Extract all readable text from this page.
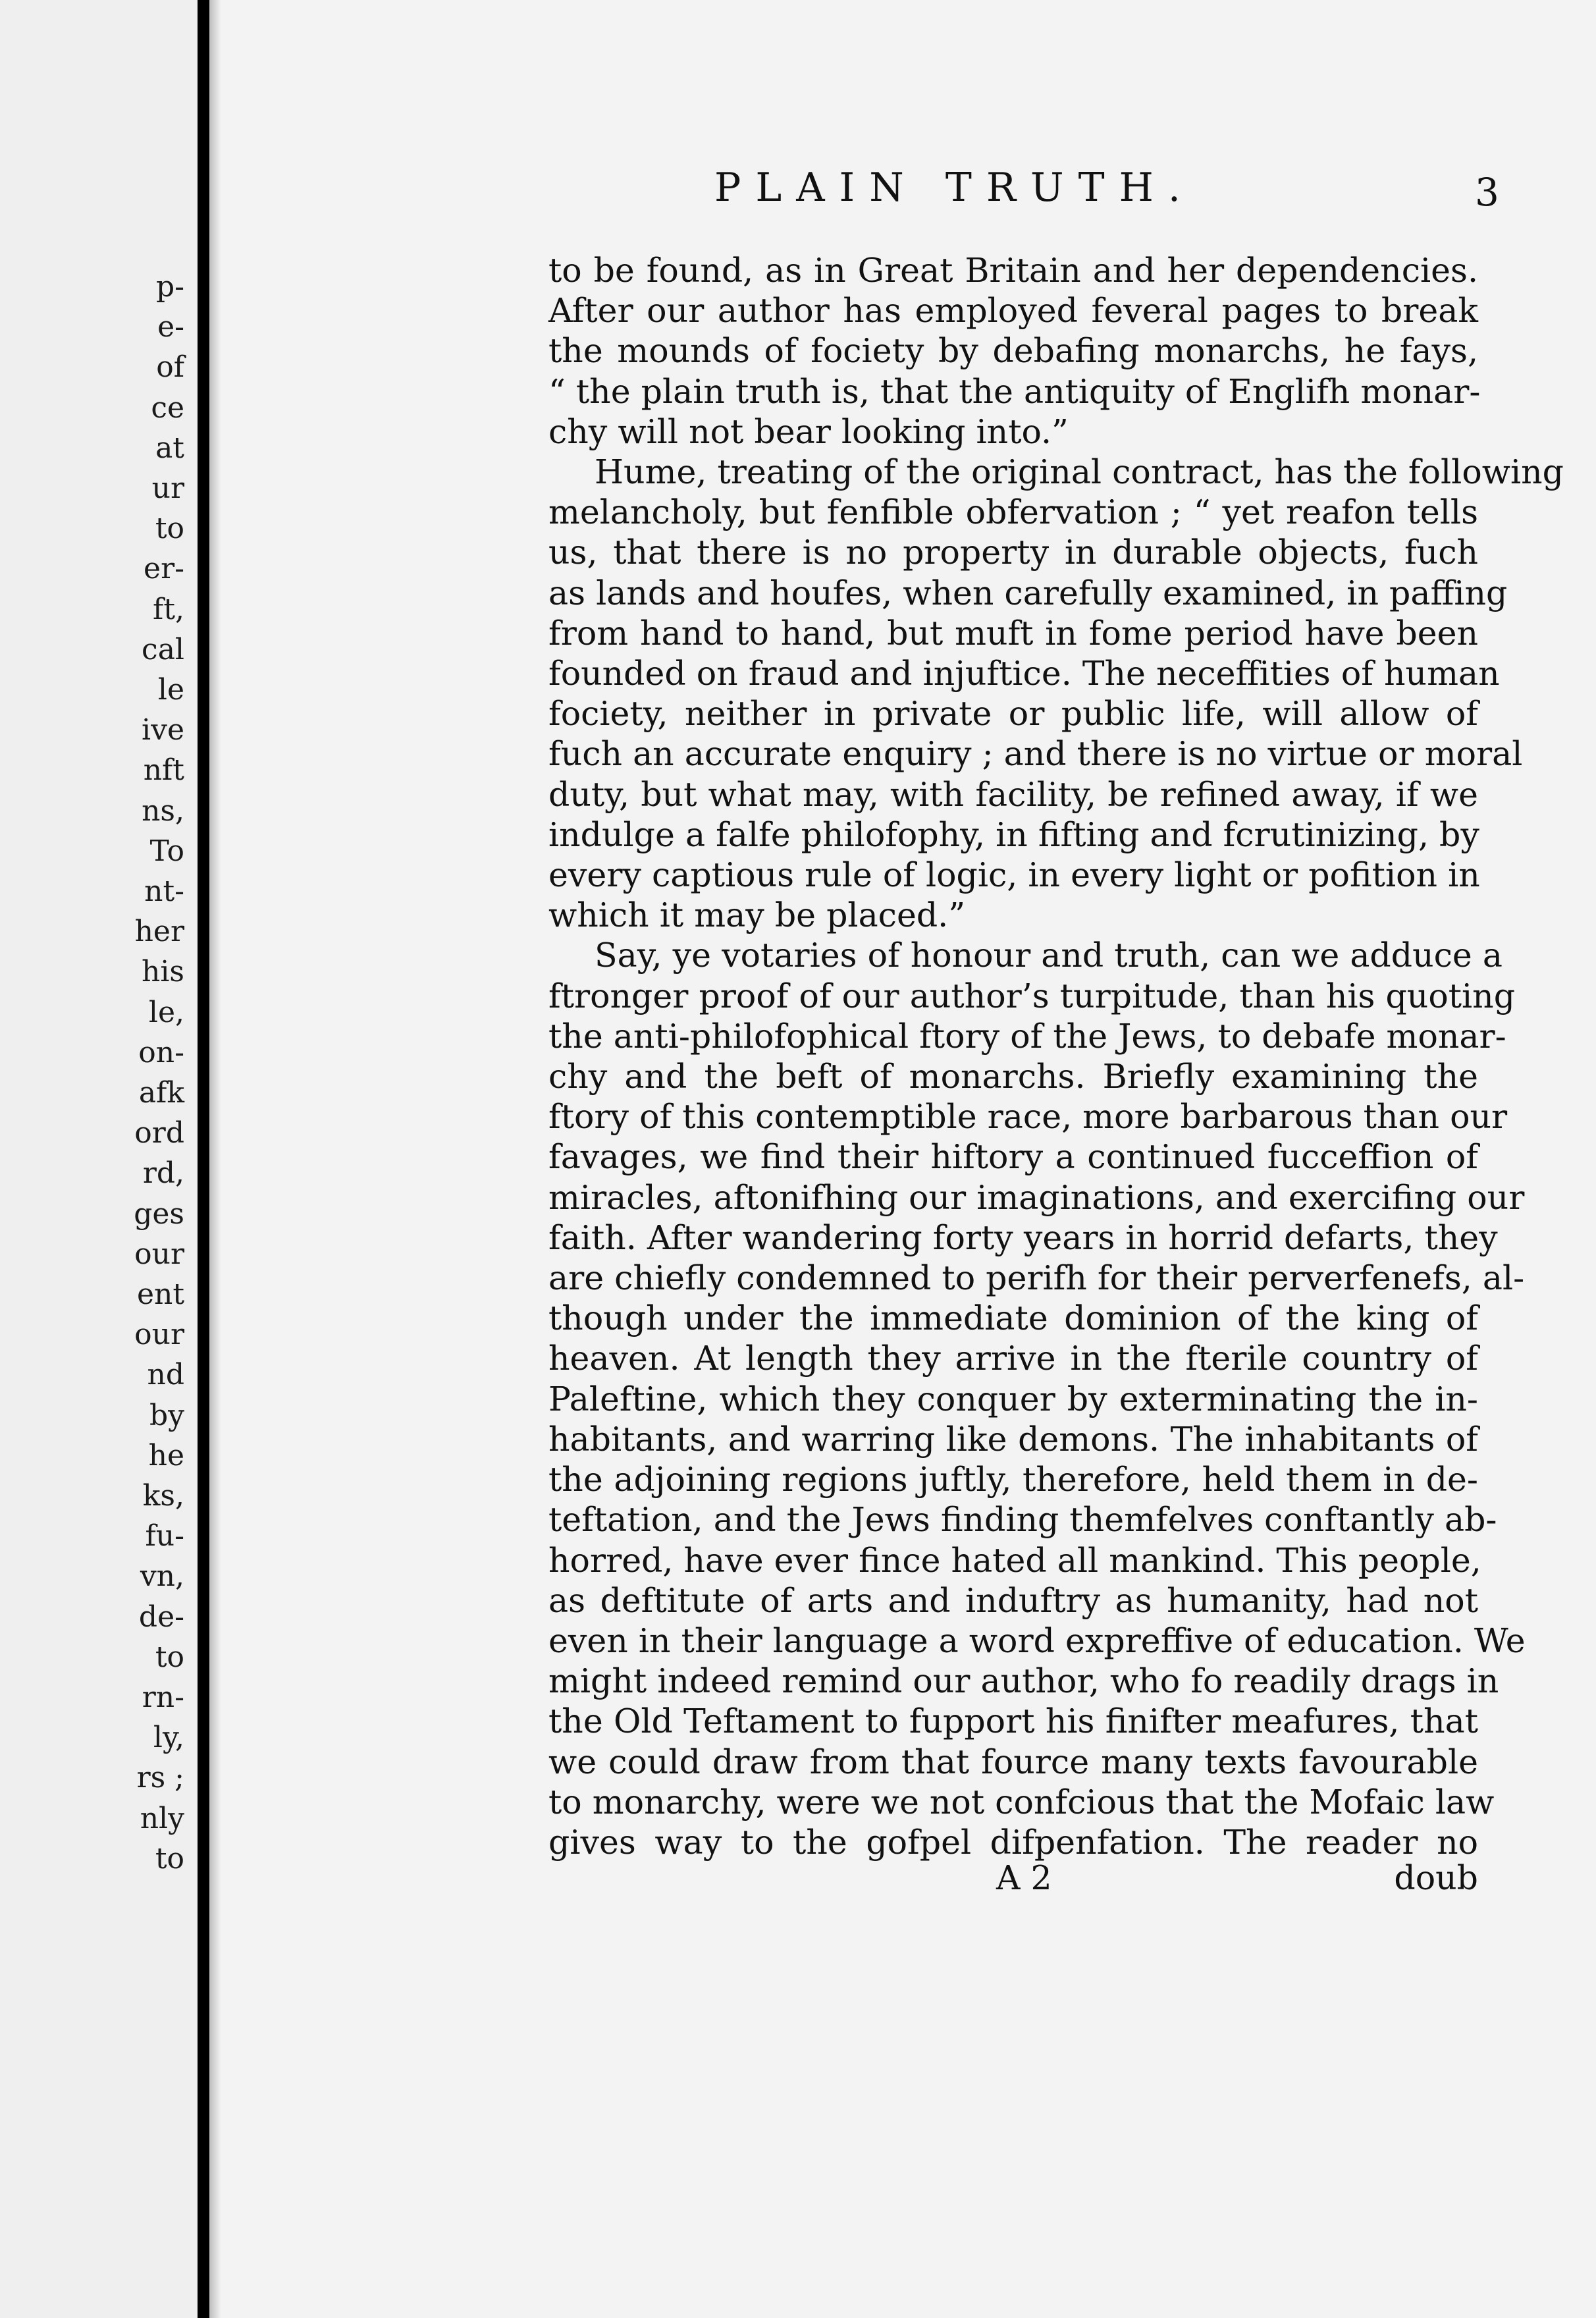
p-
e-
of
ce
at
ur
to
er-
ft,
cal
le
ive
nft
ns,
To
nt-
her
his
le,
on-
afk
ord
rd,
ges
our
ent
our
nd
by
he
ks,
fu-
vn,
de-
to
rn-
ly,
rs ;
nly
to
PLAIN TRUTH.	3
to be found, as in Great Britain and her dependencies.
After our author has employed feveral pages to break
the mounds of fociety by debafing monarchs, he fays,
“ the plain truth is, that the antiquity of Englifh monar-
chy will not bear looking into.”
Hume, treating of the original contract, has the following
melancholy, but fenfible obfervation ; “ yet reafon tells
us, that there is no property in durable objects, fuch
as lands and houfes, when carefully examined, in paffing
from hand to hand, but muft in fome period have been
founded on fraud and injuftice. The neceffities of human
fociety, neither in private or public life, will allow of
fuch an accurate enquiry ; and there is no virtue or moral
duty, but what may, with facility, be refined away, if we
indulge a falfe philofophy, in fifting and fcrutinizing, by
every captious rule of logic, in every light or pofition in
which it may be placed.”
Say, ye votaries of honour and truth, can we adduce a
ftronger proof of our author’s turpitude, than his quoting
the anti-philofophical ftory of the Jews, to debafe monar-
chy and the beft of monarchs. Briefly examining the
ftory of this contemptible race, more barbarous than our
favages, we find their hiftory a continued fucceffion of
miracles, aftonifhing our imaginations, and exercifing our
faith. After wandering forty years in horrid defarts, they
are chiefly condemned to perifh for their perverfenefs, al-
though under the immediate dominion of the king of
heaven. At length they arrive in the fterile country of
Paleftine, which they conquer by exterminating the in-
habitants, and warring like demons. The inhabitants of
the adjoining regions juftly, therefore, held them in de-
teftation, and the Jews finding themfelves conftantly ab-
horred, have ever fince hated all mankind. This people,
as deftitute of arts and induftry as humanity, had not
even in their language a word expreffive of education. We
might indeed remind our author, who fo readily drags in
the Old Teftament to fupport his finifter meafures, that
we could draw from that fource many texts favourable
to monarchy, were we not confcious that the Mofaic law
gives way to the gofpel difpenfation. The reader no
A 2	doub
